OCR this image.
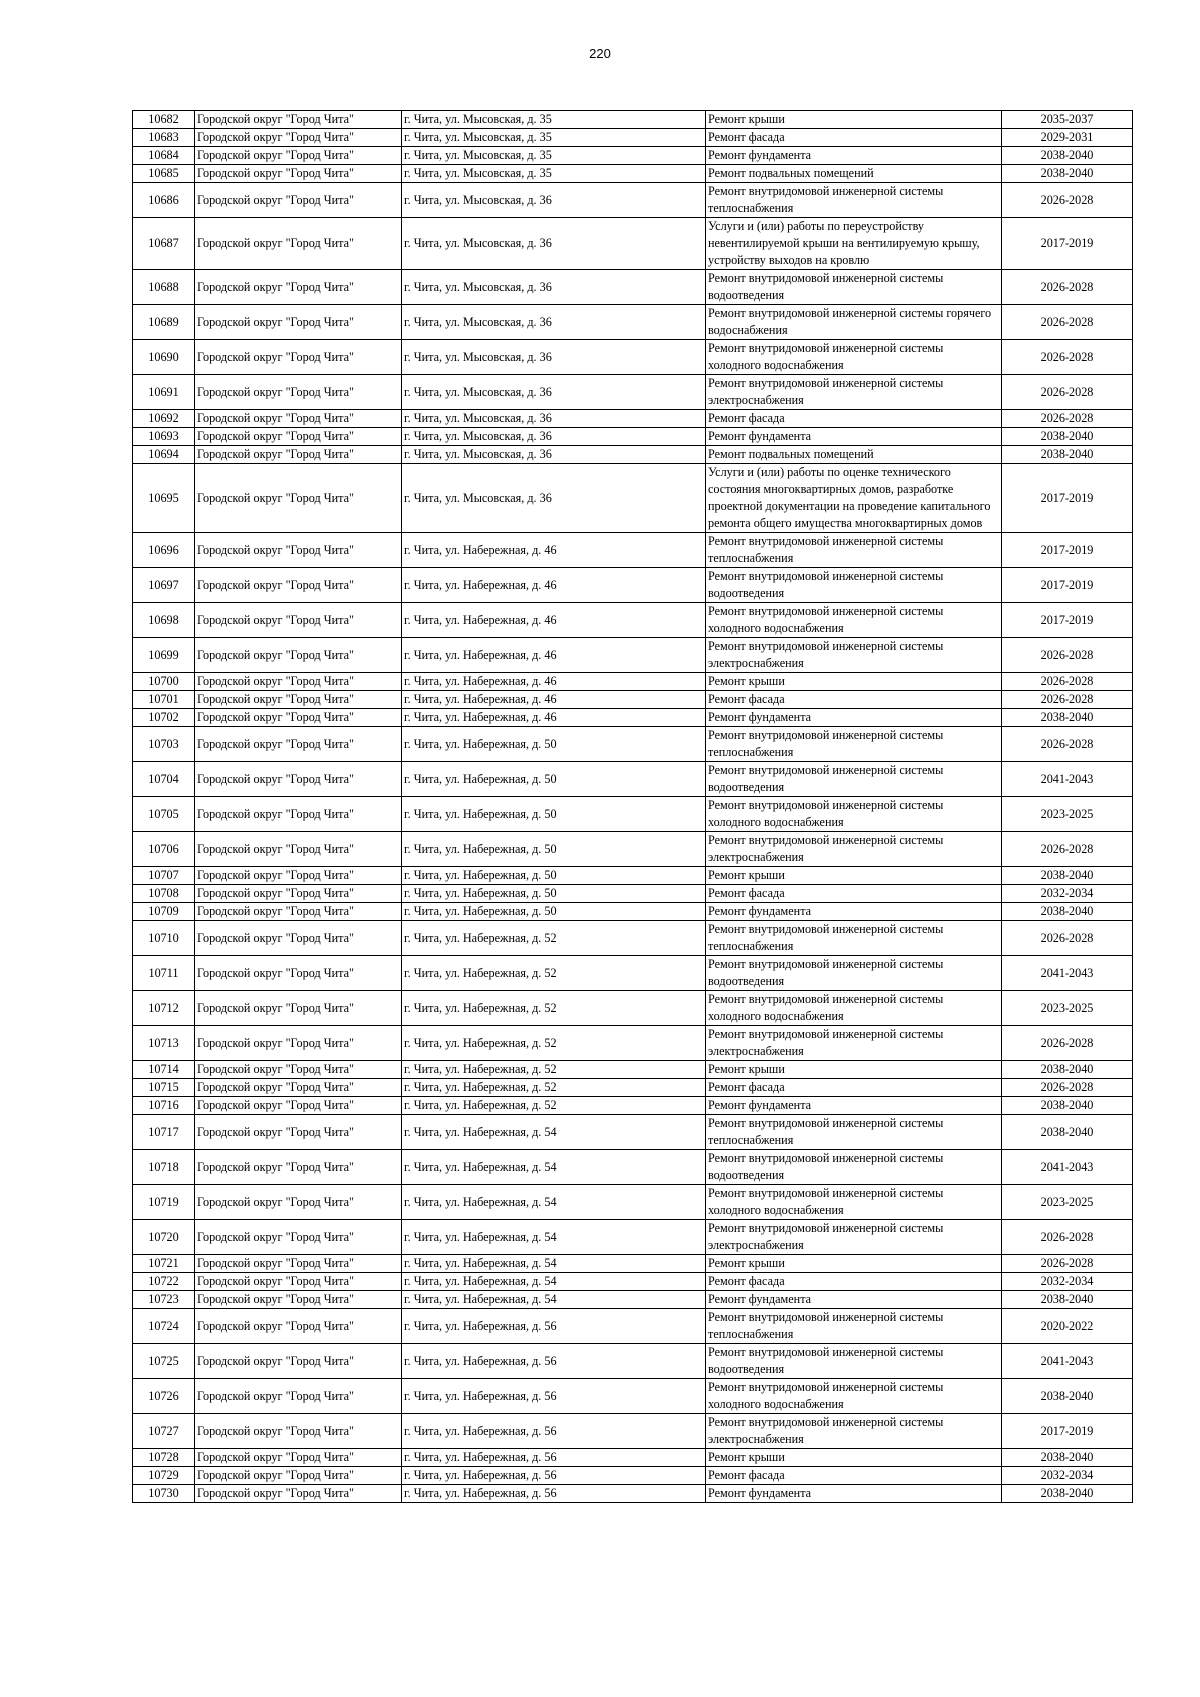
220
10682	Городской округ "Город Чита"	г. Чита, ул. Мысовская, д. 35	Ремонт крыши	2035-2037
10683	Городской округ "Город Чита"	г. Чита, ул. Мысовская, д. 35	Ремонт фасада	2029-2031
10684	Городской округ "Город Чита"	г. Чита, ул. Мысовская, д. 35	Ремонт фундамента	2038-2040
10685	Городской округ "Город Чита"	г. Чита, ул. Мысовская, д. 35	Ремонт подвальных помещений	2038-2040
10686	Городской округ "Город Чита"	г. Чита, ул. Мысовская, д. 36	Ремонт внутридомовой инженерной системы теплоснабжения	2026-2028
10687	Городской округ "Город Чита"	г. Чита, ул. Мысовская, д. 36	Услуги и (или) работы по переустройству невентилируемой крыши на вентилируемую крышу, устройству выходов на кровлю	2017-2019
10688	Городской округ "Город Чита"	г. Чита, ул. Мысовская, д. 36	Ремонт внутридомовой инженерной системы водоотведения	2026-2028
10689	Городской округ "Город Чита"	г. Чита, ул. Мысовская, д. 36	Ремонт внутридомовой инженерной системы горячего водоснабжения	2026-2028
10690	Городской округ "Город Чита"	г. Чита, ул. Мысовская, д. 36	Ремонт внутридомовой инженерной системы холодного водоснабжения	2026-2028
10691	Городской округ "Город Чита"	г. Чита, ул. Мысовская, д. 36	Ремонт внутридомовой инженерной системы электроснабжения	2026-2028
10692	Городской округ "Город Чита"	г. Чита, ул. Мысовская, д. 36	Ремонт фасада	2026-2028
10693	Городской округ "Город Чита"	г. Чита, ул. Мысовская, д. 36	Ремонт фундамента	2038-2040
10694	Городской округ "Город Чита"	г. Чита, ул. Мысовская, д. 36	Ремонт подвальных помещений	2038-2040
10695	Городской округ "Город Чита"	г. Чита, ул. Мысовская, д. 36	Услуги и (или) работы по оценке технического состояния многоквартирных домов, разработке проектной документации на проведение капитального ремонта общего имущества многоквартирных домов	2017-2019
10696	Городской округ "Город Чита"	г. Чита, ул. Набережная, д. 46	Ремонт внутридомовой инженерной системы теплоснабжения	2017-2019
10697	Городской округ "Город Чита"	г. Чита, ул. Набережная, д. 46	Ремонт внутридомовой инженерной системы водоотведения	2017-2019
10698	Городской округ "Город Чита"	г. Чита, ул. Набережная, д. 46	Ремонт внутридомовой инженерной системы холодного водоснабжения	2017-2019
10699	Городской округ "Город Чита"	г. Чита, ул. Набережная, д. 46	Ремонт внутридомовой инженерной системы электроснабжения	2026-2028
10700	Городской округ "Город Чита"	г. Чита, ул. Набережная, д. 46	Ремонт крыши	2026-2028
10701	Городской округ "Город Чита"	г. Чита, ул. Набережная, д. 46	Ремонт фасада	2026-2028
10702	Городской округ "Город Чита"	г. Чита, ул. Набережная, д. 46	Ремонт фундамента	2038-2040
10703	Городской округ "Город Чита"	г. Чита, ул. Набережная, д. 50	Ремонт внутридомовой инженерной системы теплоснабжения	2026-2028
10704	Городской округ "Город Чита"	г. Чита, ул. Набережная, д. 50	Ремонт внутридомовой инженерной системы водоотведения	2041-2043
10705	Городской округ "Город Чита"	г. Чита, ул. Набережная, д. 50	Ремонт внутридомовой инженерной системы холодного водоснабжения	2023-2025
10706	Городской округ "Город Чита"	г. Чита, ул. Набережная, д. 50	Ремонт внутридомовой инженерной системы электроснабжения	2026-2028
10707	Городской округ "Город Чита"	г. Чита, ул. Набережная, д. 50	Ремонт крыши	2038-2040
10708	Городской округ "Город Чита"	г. Чита, ул. Набережная, д. 50	Ремонт фасада	2032-2034
10709	Городской округ "Город Чита"	г. Чита, ул. Набережная, д. 50	Ремонт фундамента	2038-2040
10710	Городской округ "Город Чита"	г. Чита, ул. Набережная, д. 52	Ремонт внутридомовой инженерной системы теплоснабжения	2026-2028
10711	Городской округ "Город Чита"	г. Чита, ул. Набережная, д. 52	Ремонт внутридомовой инженерной системы водоотведения	2041-2043
10712	Городской округ "Город Чита"	г. Чита, ул. Набережная, д. 52	Ремонт внутридомовой инженерной системы холодного водоснабжения	2023-2025
10713	Городской округ "Город Чита"	г. Чита, ул. Набережная, д. 52	Ремонт внутридомовой инженерной системы электроснабжения	2026-2028
10714	Городской округ "Город Чита"	г. Чита, ул. Набережная, д. 52	Ремонт крыши	2038-2040
10715	Городской округ "Город Чита"	г. Чита, ул. Набережная, д. 52	Ремонт фасада	2026-2028
10716	Городской округ "Город Чита"	г. Чита, ул. Набережная, д. 52	Ремонт фундамента	2038-2040
10717	Городской округ "Город Чита"	г. Чита, ул. Набережная, д. 54	Ремонт внутридомовой инженерной системы теплоснабжения	2038-2040
10718	Городской округ "Город Чита"	г. Чита, ул. Набережная, д. 54	Ремонт внутридомовой инженерной системы водоотведения	2041-2043
10719	Городской округ "Город Чита"	г. Чита, ул. Набережная, д. 54	Ремонт внутридомовой инженерной системы холодного водоснабжения	2023-2025
10720	Городской округ "Город Чита"	г. Чита, ул. Набережная, д. 54	Ремонт внутридомовой инженерной системы электроснабжения	2026-2028
10721	Городской округ "Город Чита"	г. Чита, ул. Набережная, д. 54	Ремонт крыши	2026-2028
10722	Городской округ "Город Чита"	г. Чита, ул. Набережная, д. 54	Ремонт фасада	2032-2034
10723	Городской округ "Город Чита"	г. Чита, ул. Набережная, д. 54	Ремонт фундамента	2038-2040
10724	Городской округ "Город Чита"	г. Чита, ул. Набережная, д. 56	Ремонт внутридомовой инженерной системы теплоснабжения	2020-2022
10725	Городской округ "Город Чита"	г. Чита, ул. Набережная, д. 56	Ремонт внутридомовой инженерной системы водоотведения	2041-2043
10726	Городской округ "Город Чита"	г. Чита, ул. Набережная, д. 56	Ремонт внутридомовой инженерной системы холодного водоснабжения	2038-2040
10727	Городской округ "Город Чита"	г. Чита, ул. Набережная, д. 56	Ремонт внутридомовой инженерной системы электроснабжения	2017-2019
10728	Городской округ "Город Чита"	г. Чита, ул. Набережная, д. 56	Ремонт крыши	2038-2040
10729	Городской округ "Город Чита"	г. Чита, ул. Набережная, д. 56	Ремонт фасада	2032-2034
10730	Городской округ "Город Чита"	г. Чита, ул. Набережная, д. 56	Ремонт фундамента	2038-2040
